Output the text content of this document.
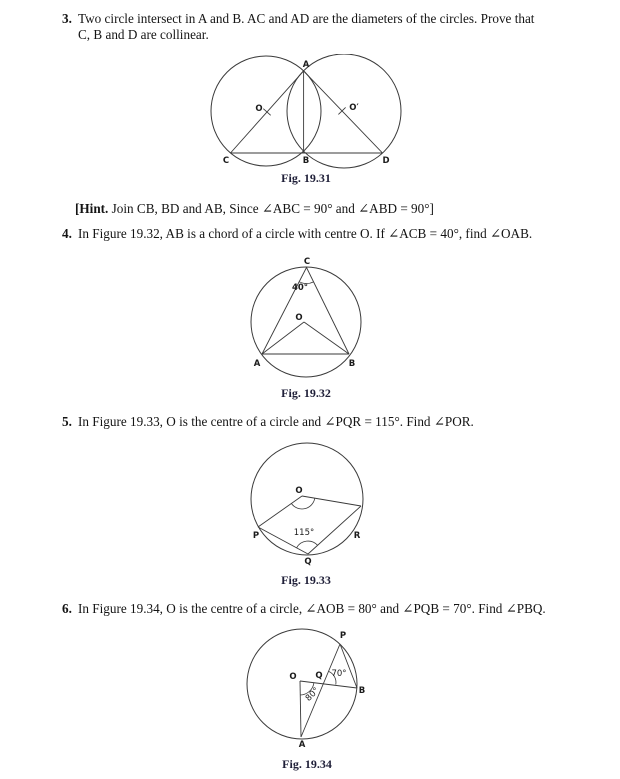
3. Two circle intersect in A and B. AC and AD are the diameters of the circles. Prove that
C, B and D are collinear.
A
B
C	D
O	O′
Fig. 19.31
[Hint. Join CB, BD and AB, Since ∠ABC = 90° and ∠ABD = 90°]
4. In Figure 19.32, AB is a chord of a circle with centre O. If ∠ACB = 40°, find ∠OAB.
40°
C
O
A	B
Fig. 19.32
5. In Figure 19.33, O is the centre of a circle and ∠PQR = 115°. Find ∠POR.
115°
O
P	R
Q
Fig. 19.33
6. In Figure 19.34, O is the centre of a circle, ∠AOB = 80° and ∠PQB = 70°. Find ∠PBQ.
80°
70°
O Q
P
B
A
Fig. 19.34
